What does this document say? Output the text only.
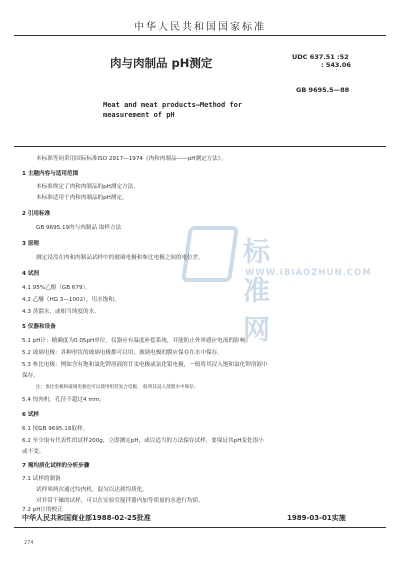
中华人民共和国国家标准
UDC 637.51 :52
: 543.06
肉与肉制品 pH测定
GB 9695.5—88
Meat and meat products—Method for
measurement of pH
标准网
WWW.IBIAOZHUN.COM
本标准等同采用国际标准ISO 2917—1974《肉和肉制品——pH测定方法》。
1 主题内容与适用范围
本标准规定了肉和肉制品的pH测定方法。
本标准适用于肉和肉制品的pH测定。
2 引用标准
GB 9695.19肉与肉制品 取样方法
3 原理
测定浸没在肉和肉制品试样中的玻璃电极和参比电极之间的电位差。
4 试剂
4.1 95%乙醇（GB 679）。
4.2 乙醚（HG 3—1002），用水饱和。
4.3 蒸馏水，或相当纯度的水。
5 仪器和设备
5.1 pH计：精确度为0.05pH单位。仪器应有温度补偿系统，并能防止外界感应电流的影响。
5.2 玻璃电极：各种形状的玻璃电极都可以用，玻璃电极的膜应保存在水中保存。
5.3 参比电极：例如含有饱和氯化钾溶液的甘汞电极或氯化银电极，一般将其浸入饱和氯化钾溶液中
保存。
注：参比电极和玻璃电极也可以使用组装复合电极， 般将其浸入蒸馏水中保存。
5.4 绞肉机：孔径不超过4 mm。
6 试样
6.1 按GB 9695.19取样。
6.2 至少取有代表性的试样200g，立即测定pH，或以适当的方法保存试样，要保证其pH变化很小
或不变。
7 需均质化试样的分析步骤
7.1 试样的制备
试样须两次通过绞肉机，混匀以达到均质化。
对非常干燥的试样，可以在实验室搅拌器内加等质量的水进行均质。
7.2 pH计的校正
中华人民共和国商业部1988-02-25批准	1989-03-01实施
274
